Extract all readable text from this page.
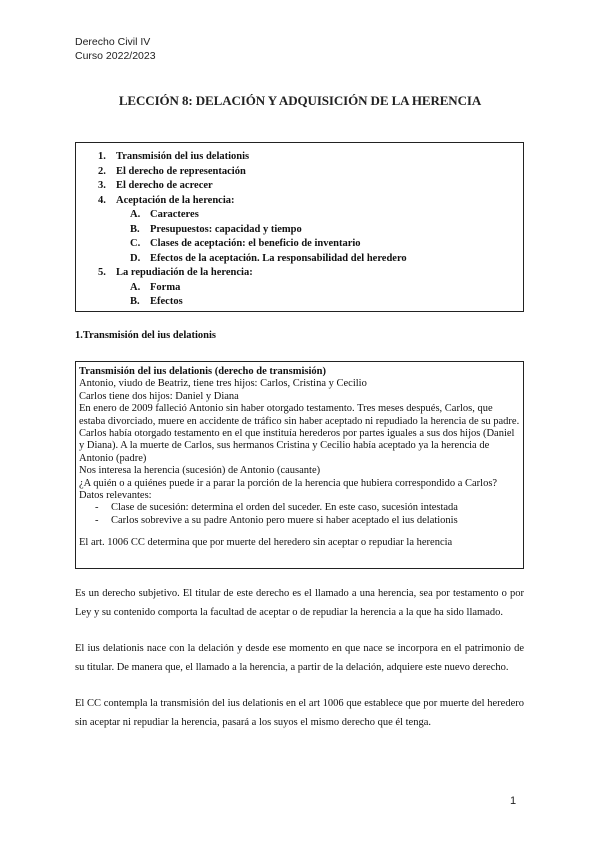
Derecho Civil IV
Curso 2022/2023
LECCIÓN 8: DELACIÓN Y ADQUISICIÓN DE LA HERENCIA
1. Transmisión del ius delationis
2. El derecho de representación
3. El derecho de acrecer
4. Aceptación de la herencia:
A. Caracteres
B. Presupuestos: capacidad y tiempo
C. Clases de aceptación: el beneficio de inventario
D. Efectos de la aceptación. La responsabilidad del heredero
5. La repudiación de la herencia:
A. Forma
B. Efectos
1.Transmisión del ius delationis

Transmisión del ius delationis (derecho de transmisión)

Antonio, viudo de Beatriz, tiene tres hijos: Carlos, Cristina y Cecilio

Carlos tiene dos hijos: Daniel y Diana

En enero de 2009 falleció Antonio sin haber otorgado testamento. Tres meses después, Carlos, que estaba divorciado, muere en accidente de tráfico sin haber aceptado ni repudiado la herencia de su padre. Carlos había otorgado testamento en el que instituía herederos por partes iguales a sus dos hijos (Daniel y Diana). A la muerte de Carlos, sus hermanos Cristina y Cecilio había aceptado ya la herencia de Antonio (padre)

Nos interesa la herencia (sucesión) de Antonio (causante)

¿A quién o a quiénes puede ir a parar la porción de la herencia que hubiera correspondido a Carlos?

Datos relevantes:

- Clase de sucesión: determina el orden del suceder. En este caso, sucesión intestada
- Carlos sobrevive a su padre Antonio pero muere si haber aceptado el ius delationis

El art. 1006 CC determina que por muerte del heredero sin aceptar o repudiar la herencia

Es un derecho subjetivo. El titular de este derecho es el llamado a una herencia, sea por testamento o por Ley y su contenido comporta la facultad de aceptar o de repudiar la herencia a la que ha sido llamado.

El ius delationis nace con la delación y desde ese momento en que nace se incorpora en el patrimonio de su titular. De manera que, el llamado a la herencia, a partir de la delación, adquiere este nuevo derecho.

El CC contempla la transmisión del ius delationis en el art 1006 que establece que por muerte del heredero sin aceptar ni repudiar la herencia, pasará a los suyos el mismo derecho que él tenga.

1
